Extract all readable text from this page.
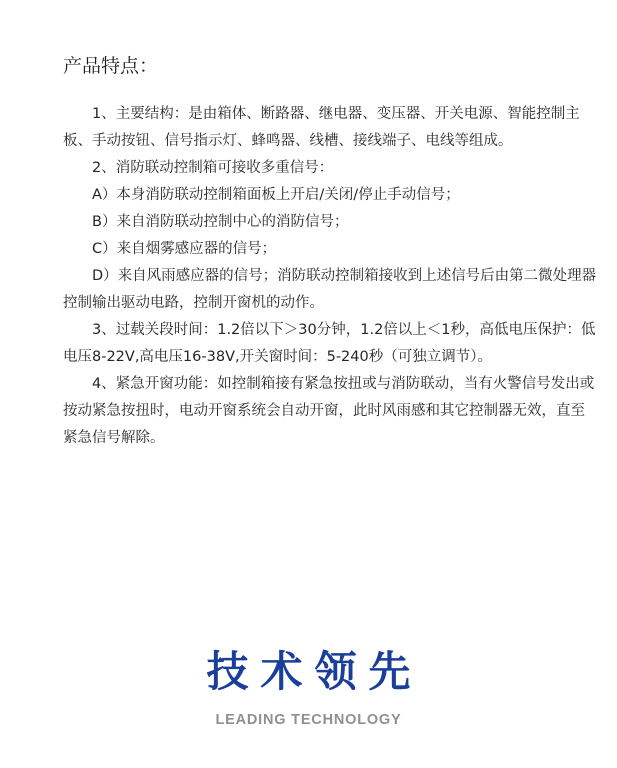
产品特点：

1、主要结构：是由箱体、断路器、继电器、变压器、开关电源、智能控制主板、手动按钮、信号指示灯、蜂鸣器、线槽、接线端子、电线等组成。

2、消防联动控制箱可接收多重信号：

A）本身消防联动控制箱面板上开启/关闭/停止手动信号；

B）来自消防联动控制中心的消防信号；

C）来自烟雾感应器的信号；

D）来自风雨感应器的信号；消防联动控制箱接收到上述信号后由第二微处理器控制输出驱动电路，控制开窗机的动作。

3、过载关段时间：1.2倍以下＞30分钟，1.2倍以上＜1秒，高低电压保护：低电压8-22V,高电压16-38V,开关窗时间：5-240秒（可独立调节）。

4、紧急开窗功能：如控制箱接有紧急按扭或与消防联动，当有火警信号发出或按动紧急按扭时，电动开窗系统会自动开窗，此时风雨感和其它控制器无效，直至紧急信号解除。

技术领先
LEADING TECHNOLOGY
